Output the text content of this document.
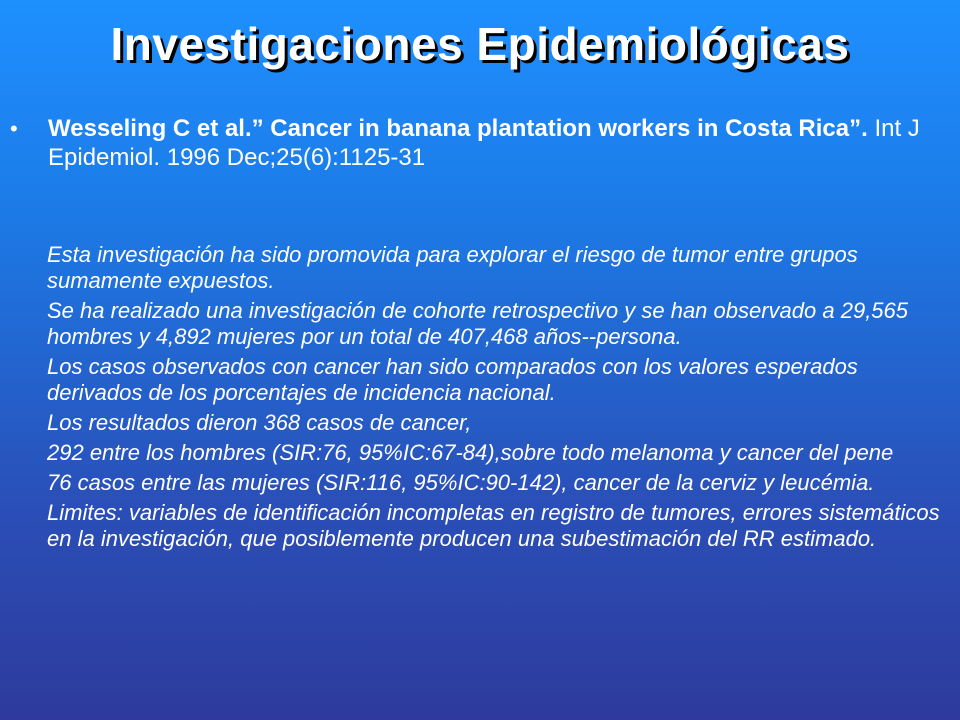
Investigaciones Epidemiológicas
• Wesseling C et al.” Cancer in banana plantation workers in Costa Rica”. Int J Epidemiol. 1996 Dec;25(6):1125-31

Esta investigación ha sido promovida para explorar el riesgo de tumor entre grupos sumamente expuestos.

Se ha realizado una investigación de cohorte retrospectivo y se han observado a 29,565 hombres y 4,892 mujeres por un total de 407,468 años--persona.

Los casos observados con cancer han sido comparados con los valores esperados derivados de los porcentajes de incidencia nacional.

Los resultados dieron 368 casos de cancer,

292 entre los hombres (SIR:76, 95%IC:67-84),sobre todo melanoma y cancer del pene

76 casos entre las mujeres (SIR:116, 95%IC:90-142), cancer de la cerviz y leucémia.

Limites: variables de identificación incompletas en registro de tumores, errores sistemáticos en la investigación, que posiblemente producen una subestimación del RR estimado.
